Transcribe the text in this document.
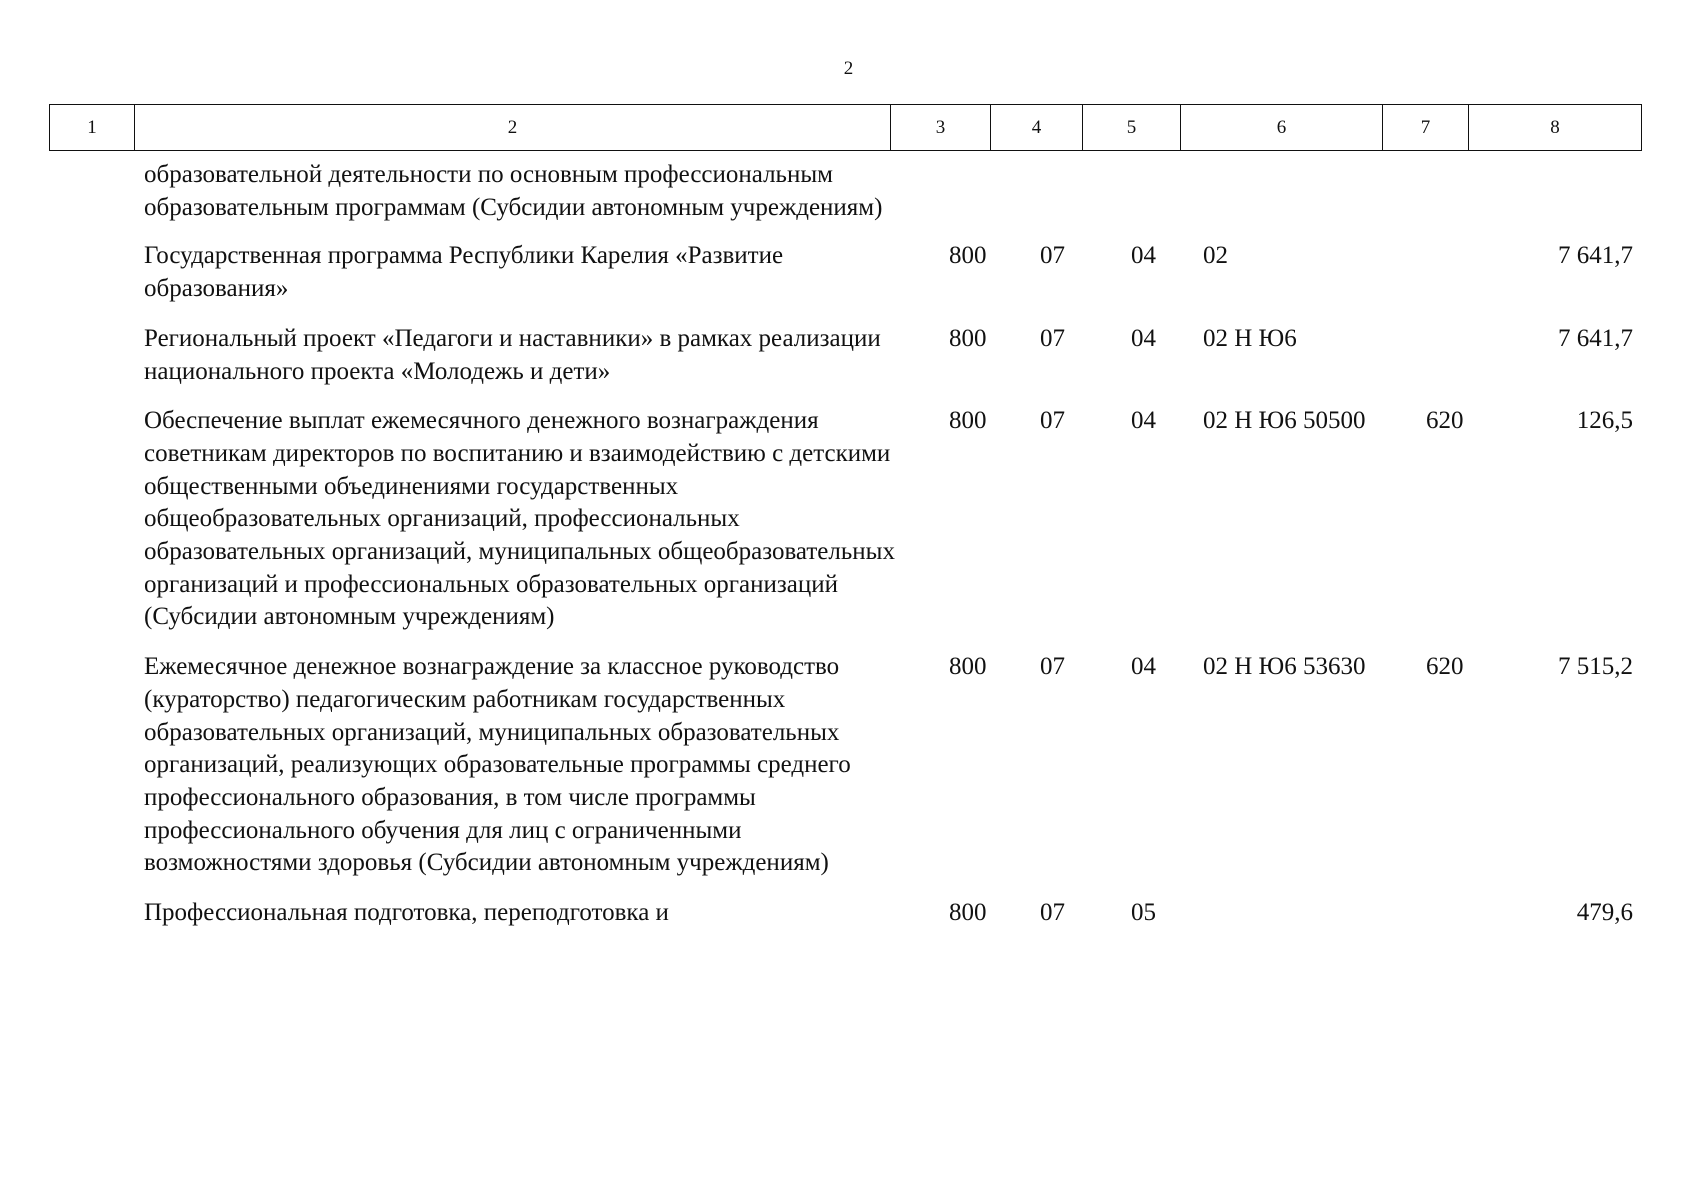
2
1	2	3	4	5	6	7	8
образовательной деятельности по основным профессиональным образовательным программам (Субсидии автономным учреждениям)						
Государственная программа Республики Карелия «Развитие образования»	800	07	04	02		7 641,7
Региональный проект «Педагоги и наставники» в рамках реализации национального проекта «Молодежь и дети»	800	07	04	02 Н Ю6		7 641,7
Обеспечение выплат ежемесячного денежного вознаграждения советникам директоров по воспитанию и взаимодействию с детскими общественными объединениями государственных общеобразовательных организаций, профессиональных образовательных организаций, муниципальных общеобразовательных организаций и профессиональных образовательных организаций (Субсидии автономным учреждениям)	800	07	04	02 Н Ю6 50500	620	126,5
Ежемесячное денежное вознаграждение за классное руководство (кураторство) педагогическим работникам государственных образовательных организаций, муниципальных образовательных организаций, реализующих образовательные программы среднего профессионального образования, в том числе программы профессионального обучения для лиц с ограниченными возможностями здоровья (Субсидии автономным учреждениям)	800	07	04	02 Н Ю6 53630	620	7 515,2
Профессиональная подготовка, переподготовка и	800	07	05			479,6
